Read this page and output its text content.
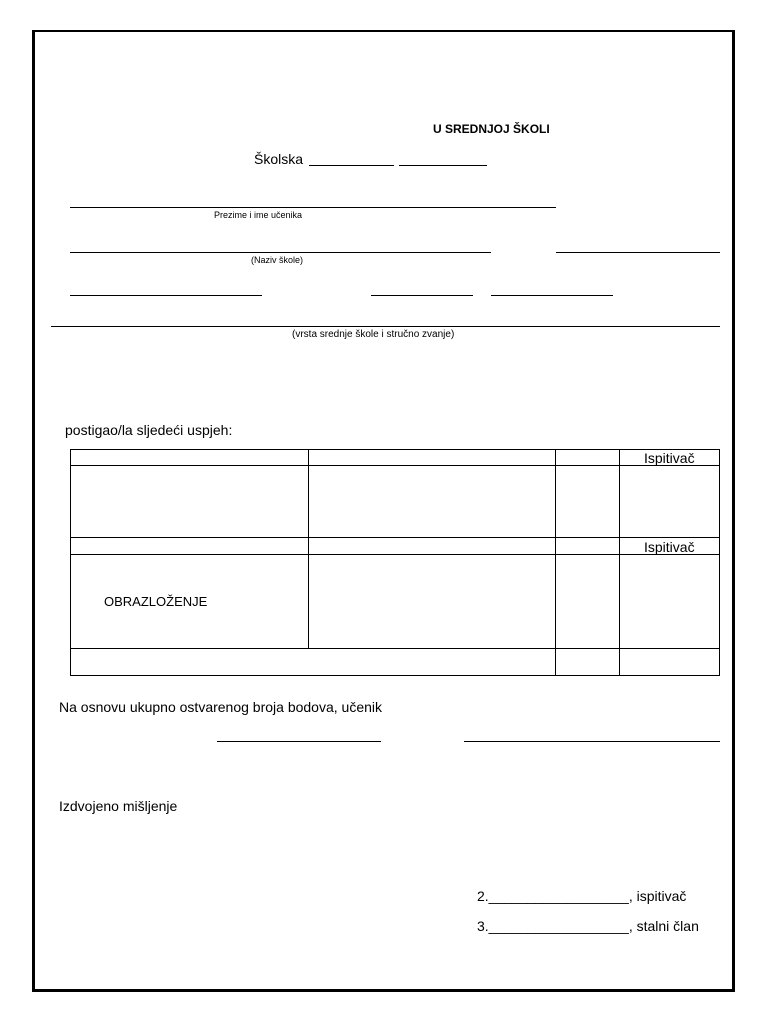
U SREDNJOJ ŠKOLI
Školska
Prezime i ime učenika
(Naziv škole)
(vrsta srednje škole i stručno zvanje)
postigao/la sljedeći uspjeh:
Ispitivač
Ispitivač
OBRAZLOŽENJE
Na osnovu ukupno ostvarenog broja bodova, učenik
Izdvojeno mišljenje
2.__________________, ispitivač
3.__________________, stalni član
